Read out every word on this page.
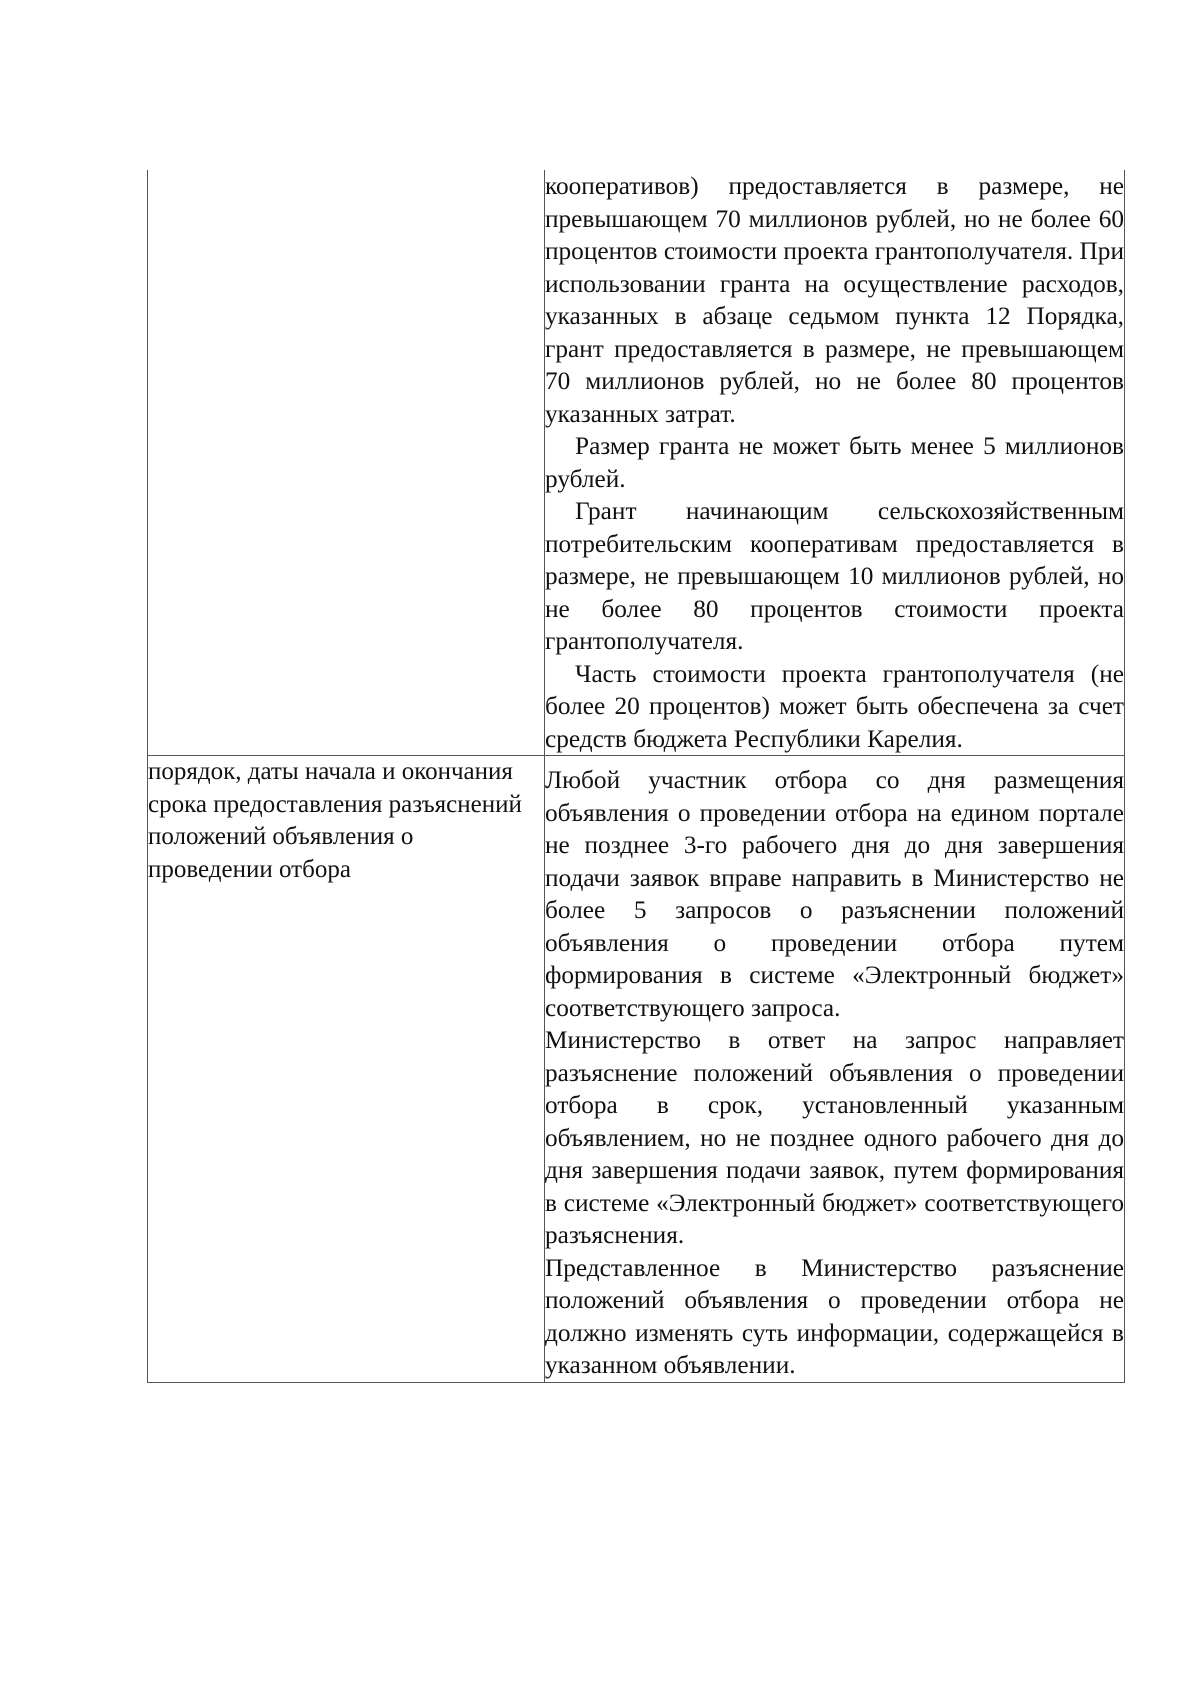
	кооперативов) предоставляется в размере, не превышающем 70 миллионов рублей, но не более 60 процентов стоимости проекта грантополучателя. При использовании гранта на осуществление расходов, указанных в абзаце седьмом пункта 12 Порядка, грант предоставляется в размере, не превышающем 70 миллионов рублей, но не более 80 процентов указанных затрат.

Размер гранта не может быть менее 5 миллионов рублей.

Грант начинающим сельскохозяйственным потребительским кооперативам предоставляется в размере, не превышающем 10 миллионов рублей, но не более 80 процентов стоимости проекта грантополучателя.

Часть стоимости проекта грантополучателя (не более 20 процентов) может быть обеспечена за счет средств бюджета Республики Карелия.

порядок, даты начала и окончания срока предоставления разъяснений положений объявления о проведении отбора	Любой участник отбора со дня размещения объявления о проведении отбора на едином портале не позднее 3-го рабочего дня до дня завершения подачи заявок вправе направить в Министерство не более 5 запросов о разъяснении положений объявления о проведении отбора путем формирования в системе «Электронный бюджет» соответствующего запроса.

Министерство в ответ на запрос направляет разъяснение положений объявления о проведении отбора в срок, установленный указанным объявлением, но не позднее одного рабочего дня до дня завершения подачи заявок, путем формирования в системе «Электронный бюджет» соответствующего разъяснения.

Представленное в Министерство разъяснение положений объявления о проведении отбора не должно изменять суть информации, содержащейся в указанном объявлении.
